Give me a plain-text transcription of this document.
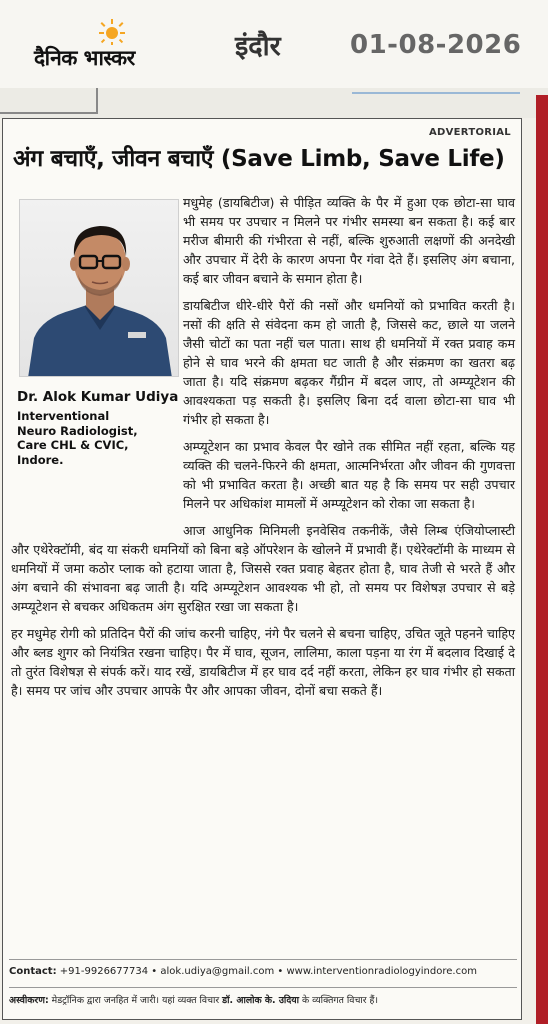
दैनिक भास्कर	इंदौर	01-08-2026
ADVERTORIAL
अंग बचाएँ, जीवन बचाएँ (Save Limb, Save Life)
Dr. Alok Kumar Udiya
Interventional
Neuro Radiologist,
Care CHL & CVIC,
Indore.

मधुमेह (डायबिटीज) से पीड़ित व्यक्ति के पैर में हुआ एक छोटा-सा घाव भी समय पर उपचार न मिलने पर गंभीर समस्या बन सकता है। कई बार मरीज बीमारी की गंभीरता से नहीं, बल्कि शुरुआती लक्षणों की अनदेखी और उपचार में देरी के कारण अपना पैर गंवा देते हैं। इसलिए अंग बचाना, कई बार जीवन बचाने के समान होता है।

डायबिटीज धीरे-धीरे पैरों की नसों और धमनियों को प्रभावित करती है। नसों की क्षति से संवेदना कम हो जाती है, जिससे कट, छाले या जलने जैसी चोटों का पता नहीं चल पाता। साथ ही धमनियों में रक्त प्रवाह कम होने से घाव भरने की क्षमता घट जाती है और संक्रमण का खतरा बढ़ जाता है। यदि संक्रमण बढ़कर गैंग्रीन में बदल जाए, तो अम्प्यूटेशन की आवश्यकता पड़ सकती है। इसलिए बिना दर्द वाला छोटा-सा घाव भी गंभीर हो सकता है।

अम्प्यूटेशन का प्रभाव केवल पैर खोने तक सीमित नहीं रहता, बल्कि यह व्यक्ति की चलने-फिरने की क्षमता, आत्मनिर्भरता और जीवन की गुणवत्ता को भी प्रभावित करता है। अच्छी बात यह है कि समय पर सही उपचार मिलने पर अधिकांश मामलों में अम्प्यूटेशन को रोका जा सकता है।

आज आधुनिक मिनिमली इनवेसिव तकनीकें, जैसे लिम्ब एंजियोप्लास्टी और एथेरेक्टॉमी, बंद या संकरी धमनियों को बिना बड़े ऑपरेशन के खोलने में प्रभावी हैं। एथेरेक्टॉमी के माध्यम से धमनियों में जमा कठोर प्लाक को हटाया जाता है, जिससे रक्त प्रवाह बेहतर होता है, घाव तेजी से भरते हैं और अंग बचाने की संभावना बढ़ जाती है। यदि अम्प्यूटेशन आवश्यक भी हो, तो समय पर विशेषज्ञ उपचार से बड़े अम्प्यूटेशन से बचकर अधिकतम अंग सुरक्षित रखा जा सकता है।

हर मधुमेह रोगी को प्रतिदिन पैरों की जांच करनी चाहिए, नंगे पैर चलने से बचना चाहिए, उचित जूते पहनने चाहिए और ब्लड शुगर को नियंत्रित रखना चाहिए। पैर में घाव, सूजन, लालिमा, काला पड़ना या रंग में बदलाव दिखाई दे तो तुरंत विशेषज्ञ से संपर्क करें। याद रखें, डायबिटीज में हर घाव दर्द नहीं करता, लेकिन हर घाव गंभीर हो सकता है। समय पर जांच और उपचार आपके पैर और आपका जीवन, दोनों बचा सकते हैं।

Contact: +91-9926677734 • alok.udiya@gmail.com • www.interventionradiologyindore.com
अस्वीकरण: मेडट्रॉनिक द्वारा जनहित में जारी। यहां व्यक्त विचार डॉ. आलोक के. उदिया के व्यक्तिगत विचार हैं।
